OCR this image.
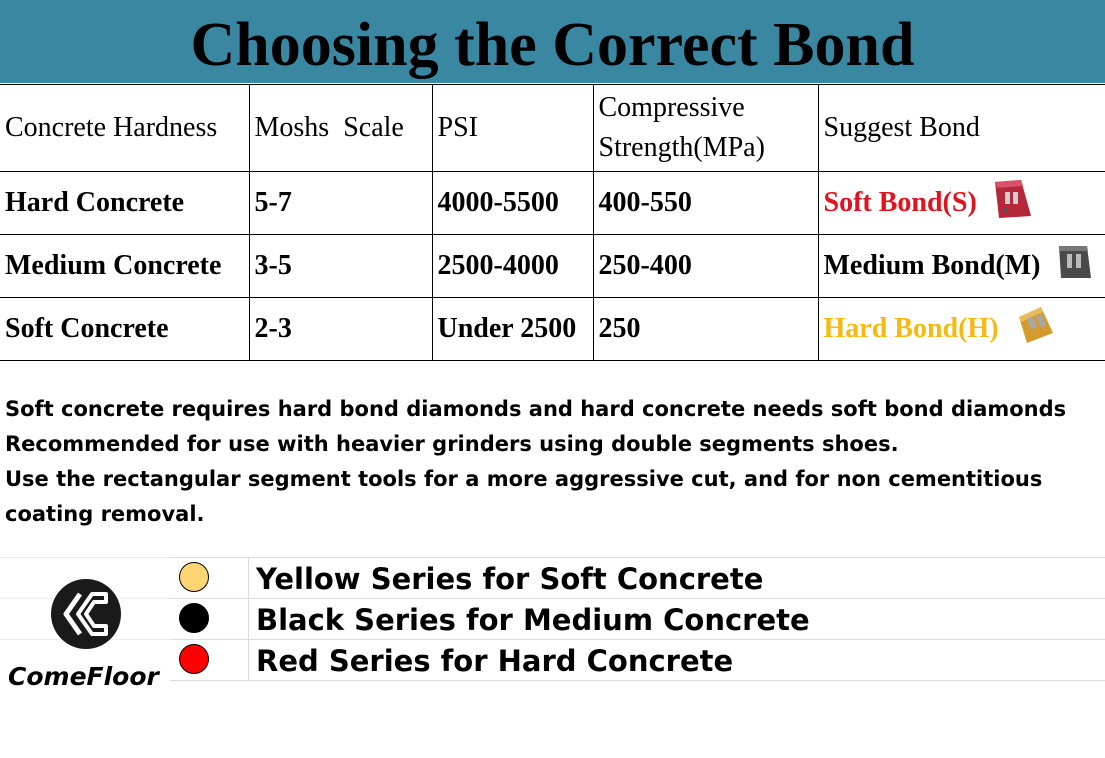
Choosing the Correct Bond
Concrete Hardness	Moshs  Scale	PSI	Compressive Strength(MPa)	Suggest Bond
Hard Concrete	5-7	4000-5500	400-550	Soft Bond(S)

Medium Concrete	3-5	2500-4000	250-400	Medium Bond(M)

Soft Concrete	2-3	Under 2500	250	Hard Bond(H)

Soft concrete requires hard bond diamonds and hard concrete needs soft bond diamonds

Recommended for use with heavier grinders using double segments shoes.

Use the rectangular segment tools for a more aggressive cut, and for non cementitious coating removal.

Yellow Series for Soft Concrete
Black Series for Medium Concrete
Red Series for Hard Concrete
ComeFloor
